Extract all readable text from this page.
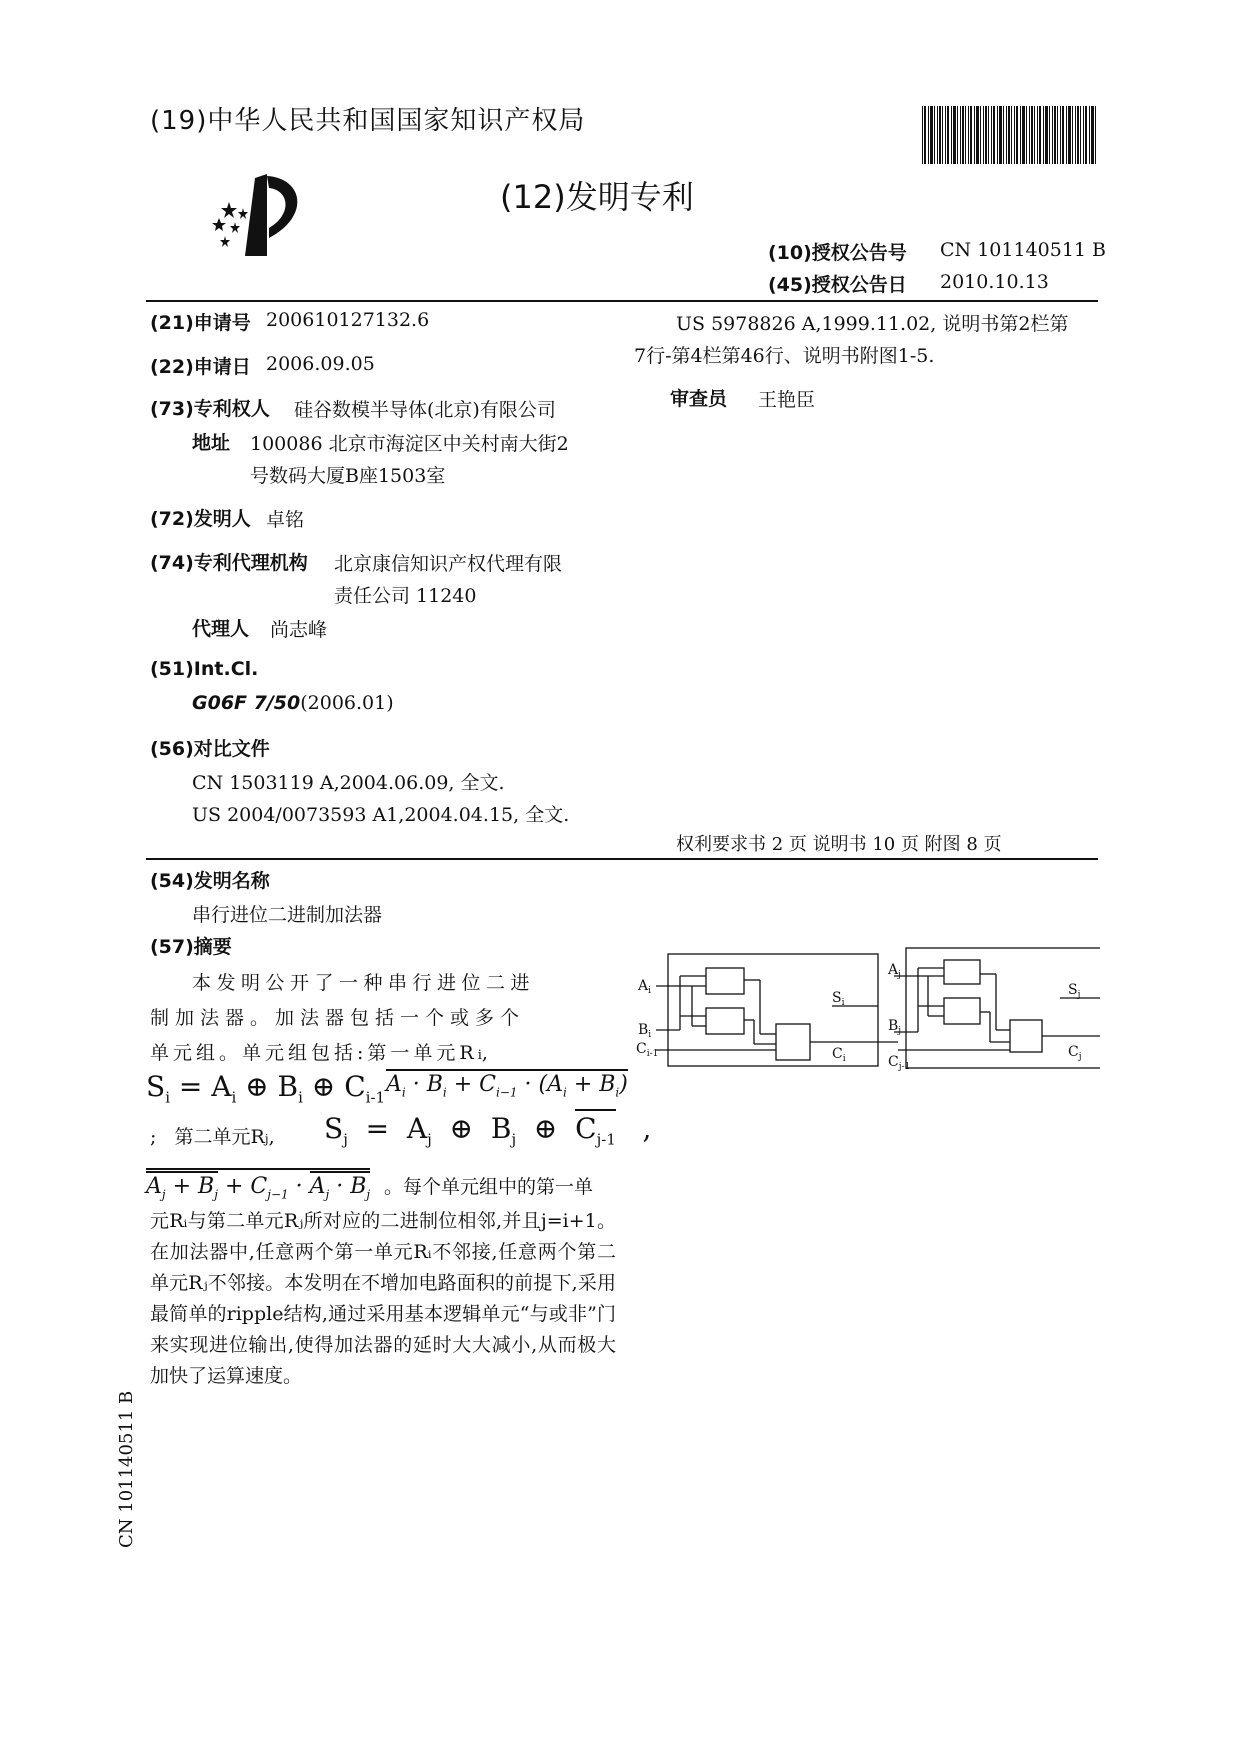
(19)中华人民共和国国家知识产权局
(12)发明专利
(10)授权公告号 CN 101140511 B
(45)授权公告日 2010.10.13
(21)申请号 200610127132.6
(22)申请日 2006.09.05
(73)专利权人 硅谷数模半导体(北京)有限公司
地址 100086 北京市海淀区中关村南大街2
号数码大厦B座1503室
(72)发明人 卓铭
(74)专利代理机构 北京康信知识产权代理有限
责任公司 11240
代理人 尚志峰
(51)Int.Cl.
G06F 7/50(2006.01)
(56)对比文件
CN 1503119 A,2004.06.09, 全文.
US 2004/0073593 A1,2004.04.15, 全文.
US 5978826 A,1999.11.02, 说明书第2栏第
7行-第4栏第46行、说明书附图1-5.
审查员 王艳臣
权利要求书 2 页 说明书 10 页 附图 8 页
(54)发明名称
串行进位二进制加法器
(57)摘要
本发明公开了一种串行进位二进
制加法器。加法器包括一个或多个
单元组。单元组包括:第一单元Ri,
$S_i = A_i$ ⊕ $B_i$ ⊕ $C_{i-1}$
$A_i \cdot B_i + C_{i-1} \cdot (A_i + B_i)$
;   第二单元Rj, $S_j = A_j$  ⊕  $B_j$  ⊕  $C_{j-1}$   ,
$A_j + B_j + C_{j-1} \cdot A_j \cdot B_j$ 。每个单元组中的第一单
元Rᵢ与第二单元Rⱼ所对应的二进制位相邻,并且j=i+1。在加法器中,任意两个第一单元Rᵢ不邻接,任意两个第二单元Rⱼ不邻接。本发明在不增加电路面积的前提下,采用最简单的ripple结构,通过采用基本逻辑单元“与或非”门来实现进位输出,使得加法器的延时大大减小,从而极大加快了运算速度。
$A_i$
$B_i$
$C_{i-1}$
$S_i$
$C_i$
$A_j$
$B_j$
$C_{j-1}$
$S_j$
$C_j$
CN 101140511 B
